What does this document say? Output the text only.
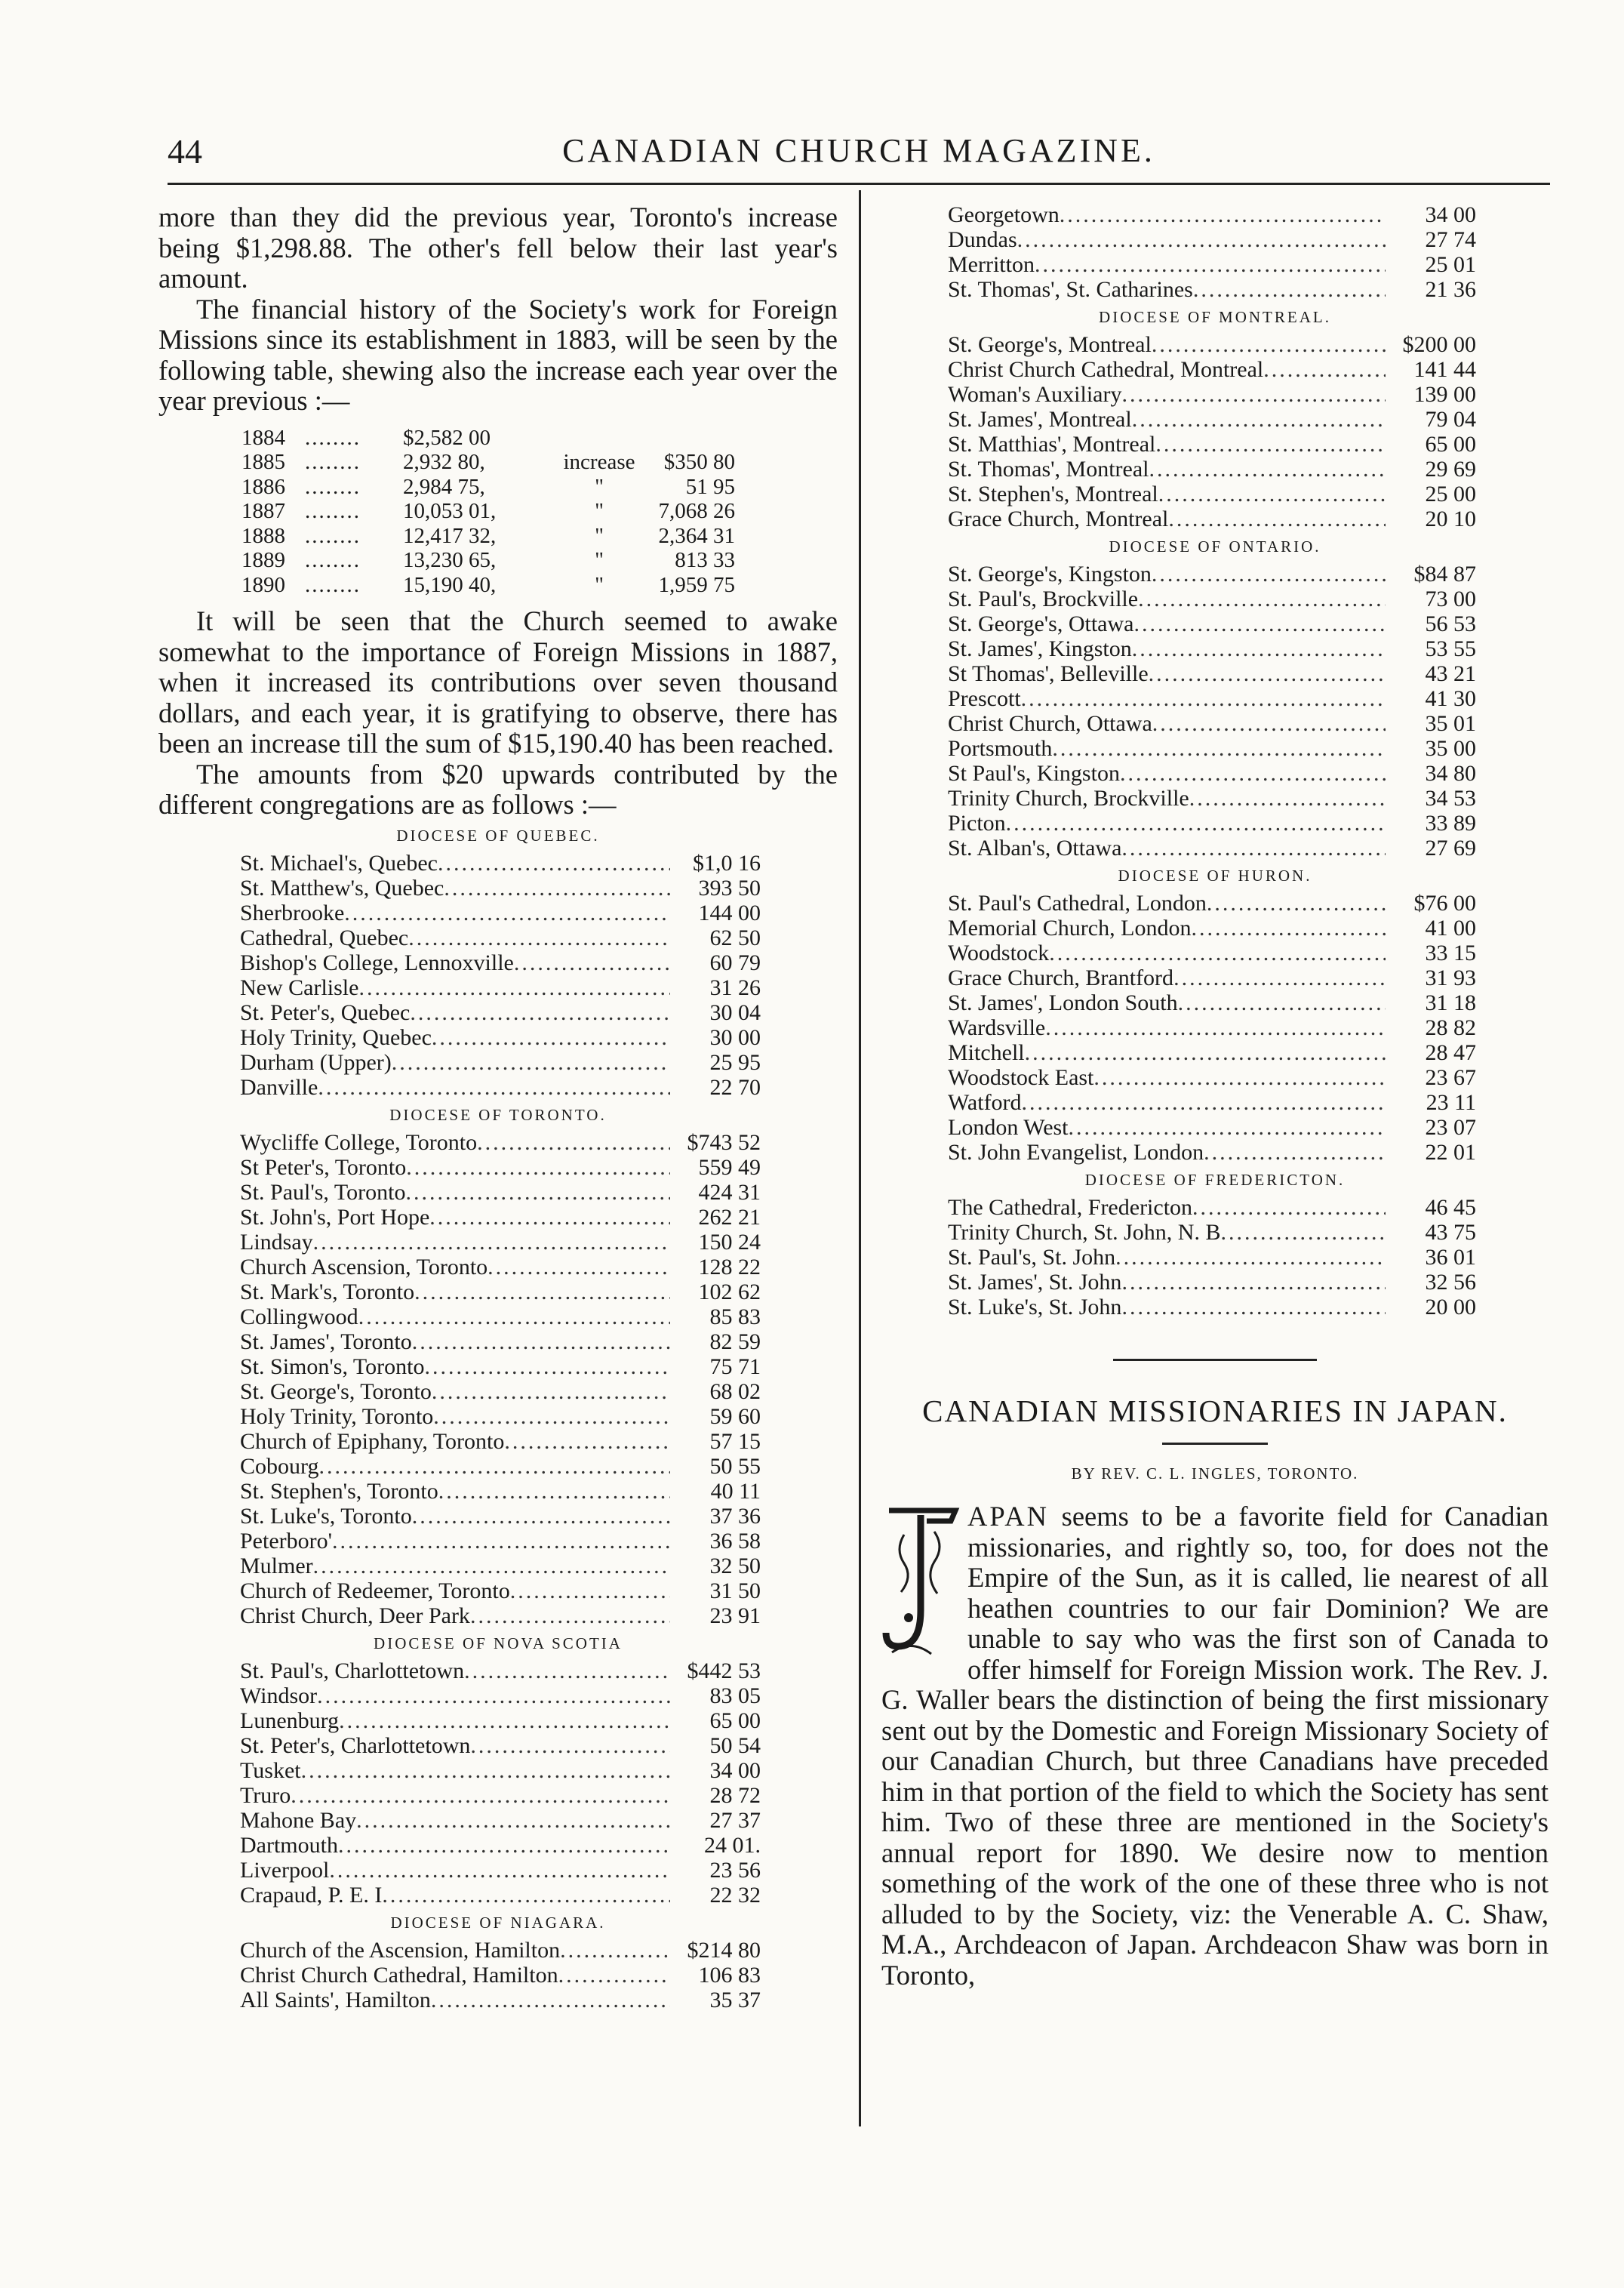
44	CANADIAN CHURCH MAGAZINE.

more than they did the previous year, Toronto's increase being $1,298.88. The other's fell below their last year's amount.

The financial history of the Society's work for Foreign Missions since its establishment in 1883, will be seen by the following table, shewing also the increase each year over the year previous :—

1884 ........	$2,582 00
1885 ........	2,932 80,	increase	$350 80
1886 ........	2,984 75,	"	51 95
1887 ........	10,053 01,	"	7,068 26
1888 ........	12,417 32,	"	2,364 31
1889 ........	13,230 65,	"	813 33
1890 ........	15,190 40,	"	1,959 75

It will be seen that the Church seemed to awake somewhat to the importance of Foreign Missions in 1887, when it increased its contributions over seven thousand dollars, and each year, it is gratifying to observe, there has been an increase till the sum of $15,190.40 has been reached.

The amounts from $20 upwards contributed by the different congregations are as follows :—

DIOCESE OF QUEBEC.
St. Michael's, Quebec .....	$1,0 16
St. Matthew's, Quebec .....	393 50
Sherbrooke .....	144 00
Cathedral, Quebec .....	62 50
Bishop's College, Lennoxville .....	60 79
New Carlisle .....	31 26
St. Peter's, Quebec .....	30 04
Holy Trinity, Quebec .....	30 00
Durham (Upper) .....	25 95
Danville .....	22 70
DIOCESE OF TORONTO.
Wycliffe College, Toronto .....	$743 52
St Peter's, Toronto .....	559 49
St. Paul's, Toronto .....	424 31
St. John's, Port Hope .....	262 21
Lindsay .....	150 24
Church Ascension, Toronto .....	128 22
St. Mark's, Toronto .....	102 62
Collingwood .....	85 83
St. James', Toronto .....	82 59
St. Simon's, Toronto .....	75 71
St. George's, Toronto .....	68 02
Holy Trinity, Toronto .....	59 60
Church of Epiphany, Toronto .....	57 15
Cobourg .....	50 55
St. Stephen's, Toronto .....	40 11
St. Luke's, Toronto .....	37 36
Peterboro' .....	36 58
Mulmer .....	32 50
Church of Redeemer, Toronto .....	31 50
Christ Church, Deer Park .....	23 91
DIOCESE OF NOVA SCOTIA
St. Paul's, Charlottetown .....	$442 53
Windsor .....	83 05
Lunenburg .....	65 00
St. Peter's, Charlottetown .....	50 54
Tusket .....	34 00
Truro .....	28 72
Mahone Bay .....	27 37
Dartmouth .....	24 01.
Liverpool .....	23 56
Crapaud, P. E. I .....	22 32
DIOCESE OF NIAGARA.
Church of the Ascension, Hamilton .....	$214 80
Christ Church Cathedral, Hamilton .....	106 83
All Saints', Hamilton .....	35 37
Georgetown .....	34 00
Dundas .....	27 74
Merritton .....	25 01
St. Thomas', St. Catharines .....	21 36
DIOCESE OF MONTREAL.
St. George's, Montreal .....	$200 00
Christ Church Cathedral, Montreal .....	141 44
Woman's Auxiliary .....	139 00
St. James', Montreal .....	79 04
St. Matthias', Montreal .....	65 00
St. Thomas', Montreal .....	29 69
St. Stephen's, Montreal .....	25 00
Grace Church, Montreal .....	20 10
DIOCESE OF ONTARIO.
St. George's, Kingston .....	$84 87
St. Paul's, Brockville .....	73 00
St. George's, Ottawa .....	56 53
St. James', Kingston .....	53 55
St Thomas', Belleville .....	43 21
Prescott .....	41 30
Christ Church, Ottawa .....	35 01
Portsmouth .....	35 00
St Paul's, Kingston .....	34 80
Trinity Church, Brockville .....	34 53
Picton .....	33 89
St. Alban's, Ottawa .....	27 69
DIOCESE OF HURON.
St. Paul's Cathedral, London .....	$76 00
Memorial Church, London .....	41 00
Woodstock .....	33 15
Grace Church, Brantford .....	31 93
St. James', London South .....	31 18
Wardsville .....	28 82
Mitchell .....	28 47
Woodstock East .....	23 67
Watford .....	23 11
London West .....	23 07
St. John Evangelist, London .....	22 01
DIOCESE OF FREDERICTON.
The Cathedral, Fredericton .....	46 45
Trinity Church, St. John, N. B .....	43 75
St. Paul's, St. John .....	36 01
St. James', St. John .....	32 56
St. Luke's, St. John .....	20 00
CANADIAN MISSIONARIES IN JAPAN.
BY REV. C. L. INGLES, TORONTO.

APAN seems to be a favorite field for Canadian missionaries, and rightly so, too, for does not the Empire of the Sun, as it is called, lie nearest of all heathen countries to our fair Dominion? We are unable to say who was the first son of Canada to offer himself for Foreign Mission work. The Rev. J. G. Waller bears the distinction of being the first missionary sent out by the Domestic and Foreign Missionary Society of our Canadian Church, but three Canadians have preceded him in that portion of the field to which the Society has sent him. Two of these three are mentioned in the Society's annual report for 1890. We desire now to mention something of the work of the one of these three who is not alluded to by the Society, viz: the Venerable A. C. Shaw, M.A., Archdeacon of Japan. Archdeacon Shaw was born in Toronto,
